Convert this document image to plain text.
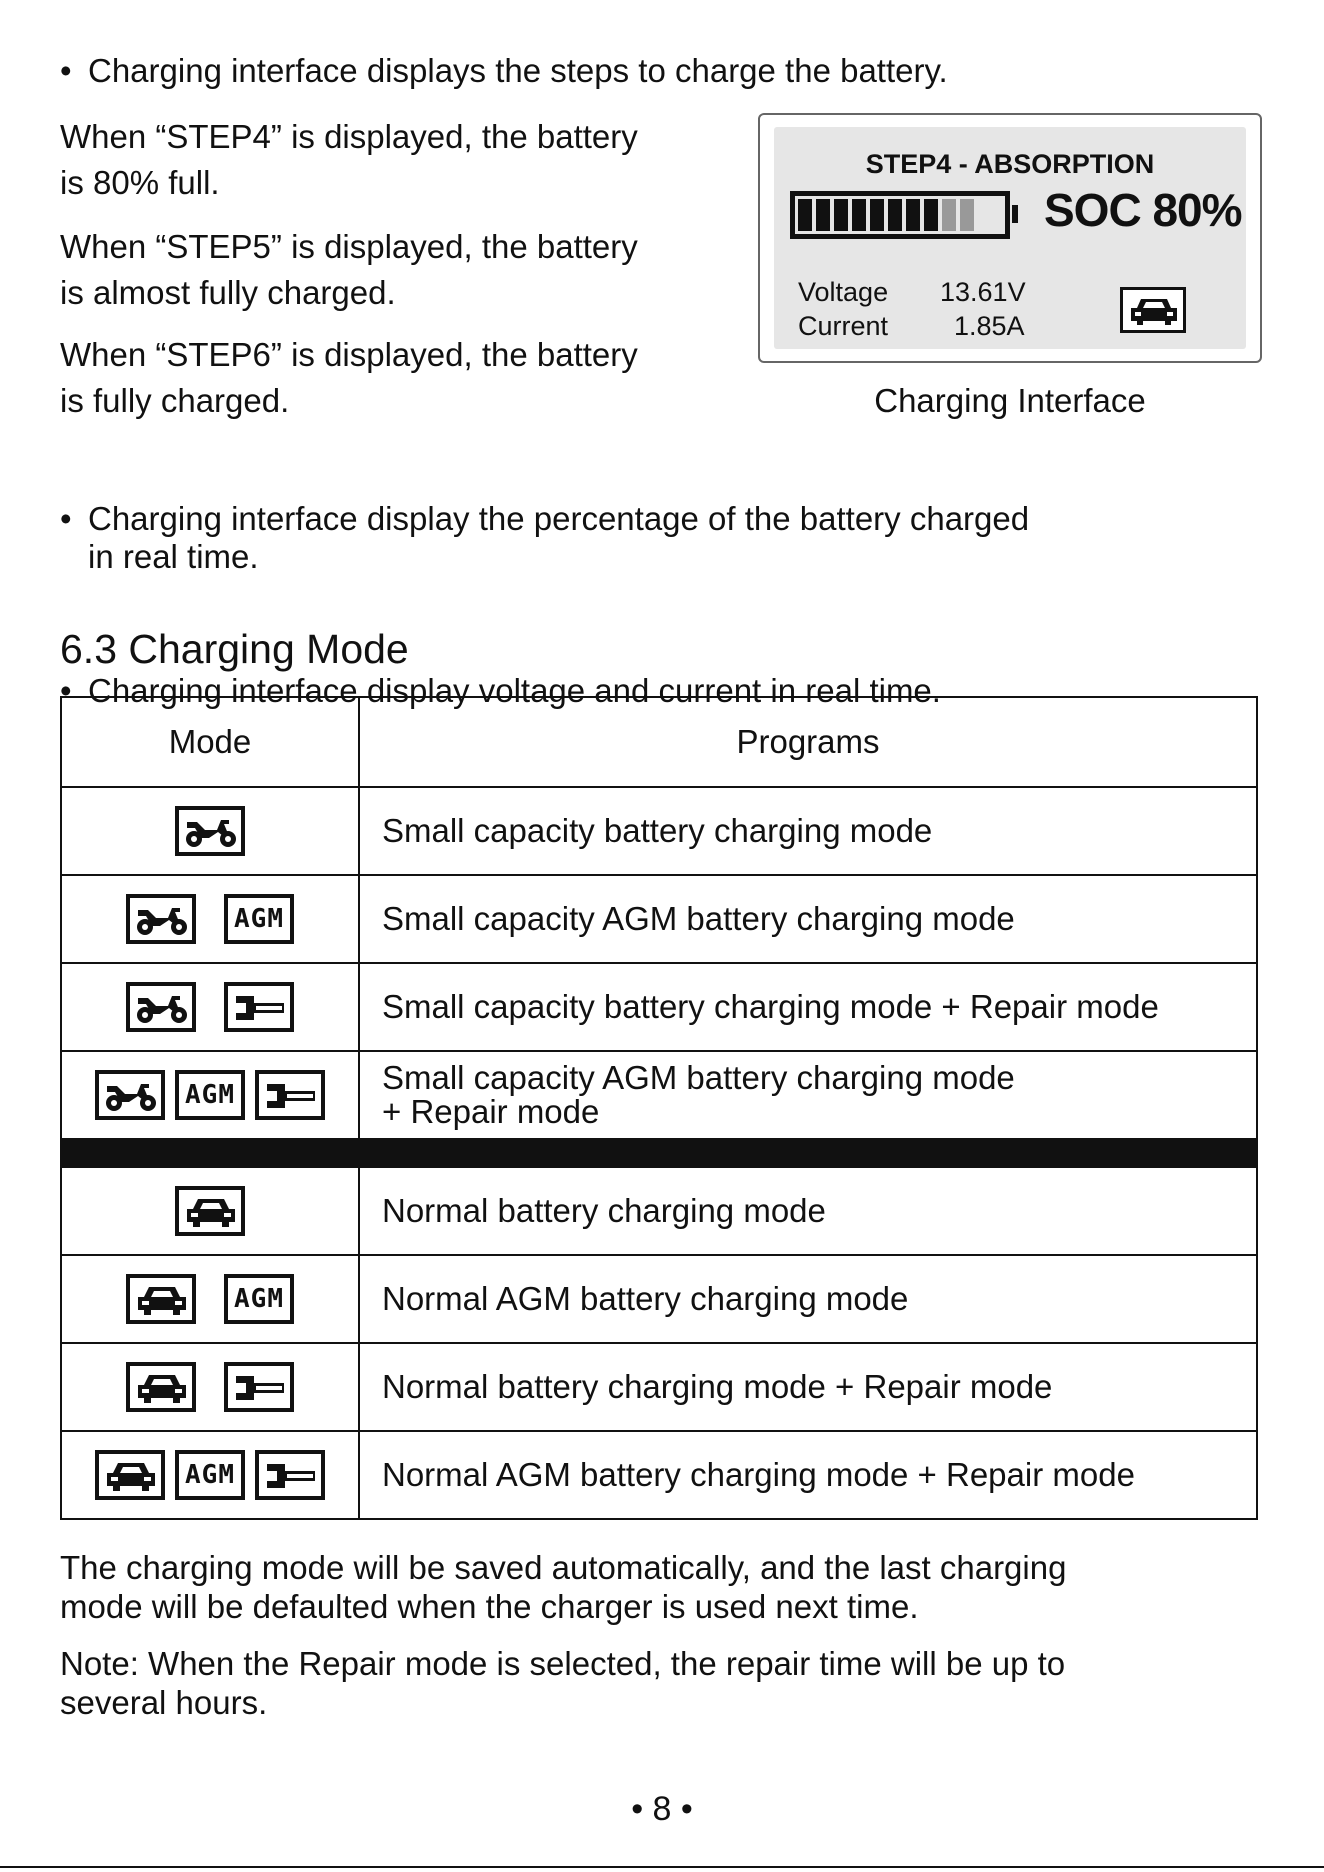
• Charging interface displays the steps to charge the battery.

When “STEP4” is displayed, the battery
is 80% full.

When “STEP5” is displayed, the battery
is almost fully charged.

When “STEP6” is displayed, the battery
is fully charged.

STEP4 - ABSORPTION
SOC 80%
Voltage 13.61V
Current 1.85A
Charging Interface

• Charging interface display the percentage of the battery charged
in real time.

• Charging interface display voltage and current in real time.

6.3 Charging Mode
Mode	Programs

	Small capacity battery charging mode

AGM	Small capacity AGM battery charging mode

	Small capacity battery charging mode + Repair mode

AGM	Small capacity AGM battery charging mode
+ Repair mode

	Normal battery charging mode

AGM	Normal AGM battery charging mode

	Normal battery charging mode + Repair mode

AGM	Normal AGM battery charging mode + Repair mode

The charging mode will be saved automatically, and the last charging
mode will be defaulted when the charger is used next time.

Note: When the Repair mode is selected, the repair time will be up to
several hours.

• 8 •
